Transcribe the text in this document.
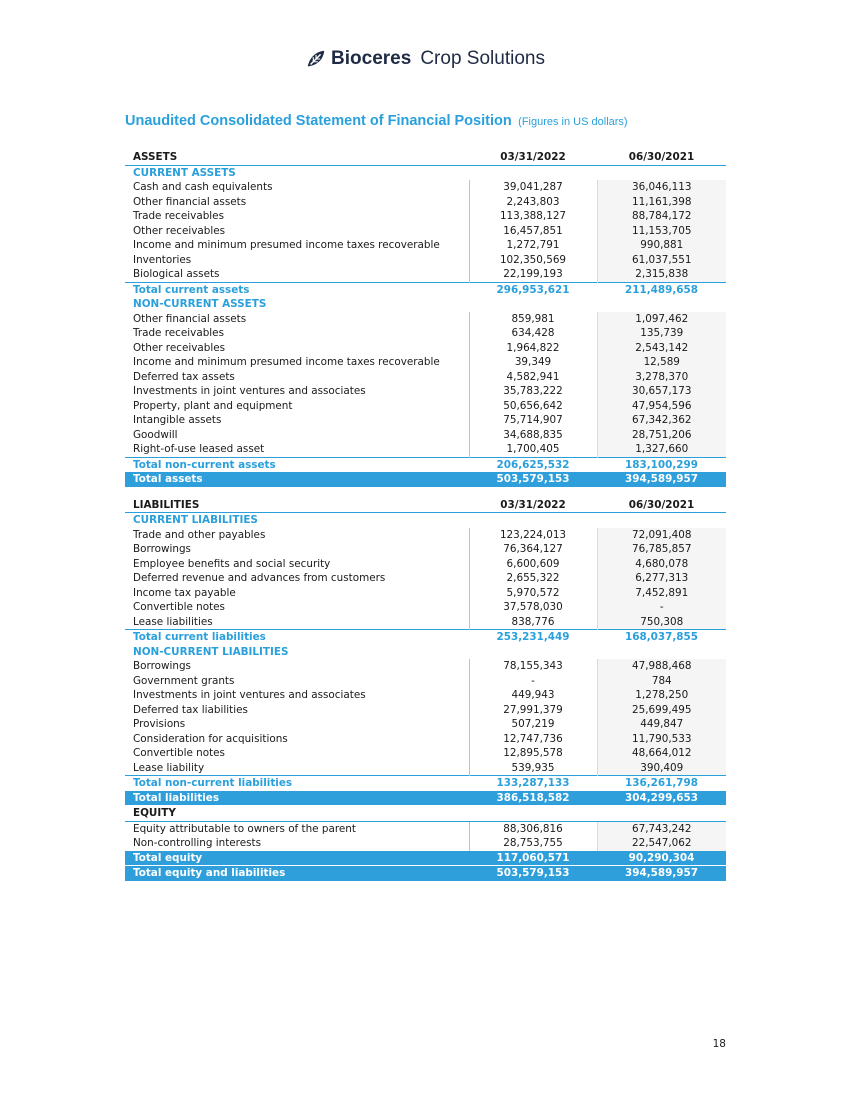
Bioceres Crop Solutions
Unaudited Consolidated Statement of Financial Position (Figures in US dollars)
ASSETS	03/31/2022	06/30/2021
CURRENT ASSETS		
Cash and cash equivalents	39,041,287	36,046,113
Other financial assets	2,243,803	11,161,398
Trade receivables	113,388,127	88,784,172
Other receivables	16,457,851	11,153,705
Income and minimum presumed income taxes recoverable	1,272,791	990,881
Inventories	102,350,569	61,037,551
Biological assets	22,199,193	2,315,838
Total current assets	296,953,621	211,489,658
NON-CURRENT ASSETS		
Other financial assets	859,981	1,097,462
Trade receivables	634,428	135,739
Other receivables	1,964,822	2,543,142
Income and minimum presumed income taxes recoverable	39,349	12,589
Deferred tax assets	4,582,941	3,278,370
Investments in joint ventures and associates	35,783,222	30,657,173
Property, plant and equipment	50,656,642	47,954,596
Intangible assets	75,714,907	67,342,362
Goodwill	34,688,835	28,751,206
Right-of-use leased asset	1,700,405	1,327,660
Total non-current assets	206,625,532	183,100,299
Total assets	503,579,153	394,589,957

LIABILITIES	03/31/2022	06/30/2021
CURRENT LIABILITIES		
Trade and other payables	123,224,013	72,091,408
Borrowings	76,364,127	76,785,857
Employee benefits and social security	6,600,609	4,680,078
Deferred revenue and advances from customers	2,655,322	6,277,313
Income tax payable	5,970,572	7,452,891
Convertible notes	37,578,030	-
Lease liabilities	838,776	750,308
Total current liabilities	253,231,449	168,037,855
NON-CURRENT LIABILITIES		
Borrowings	78,155,343	47,988,468
Government grants	-	784
Investments in joint ventures and associates	449,943	1,278,250
Deferred tax liabilities	27,991,379	25,699,495
Provisions	507,219	449,847
Consideration for acquisitions	12,747,736	11,790,533
Convertible notes	12,895,578	48,664,012
Lease liability	539,935	390,409
Total non-current liabilities	133,287,133	136,261,798
Total liabilities	386,518,582	304,299,653
EQUITY		
Equity attributable to owners of the parent	88,306,816	67,743,242
Non-controlling interests	28,753,755	22,547,062
Total equity	117,060,571	90,290,304
Total equity and liabilities	503,579,153	394,589,957
18
